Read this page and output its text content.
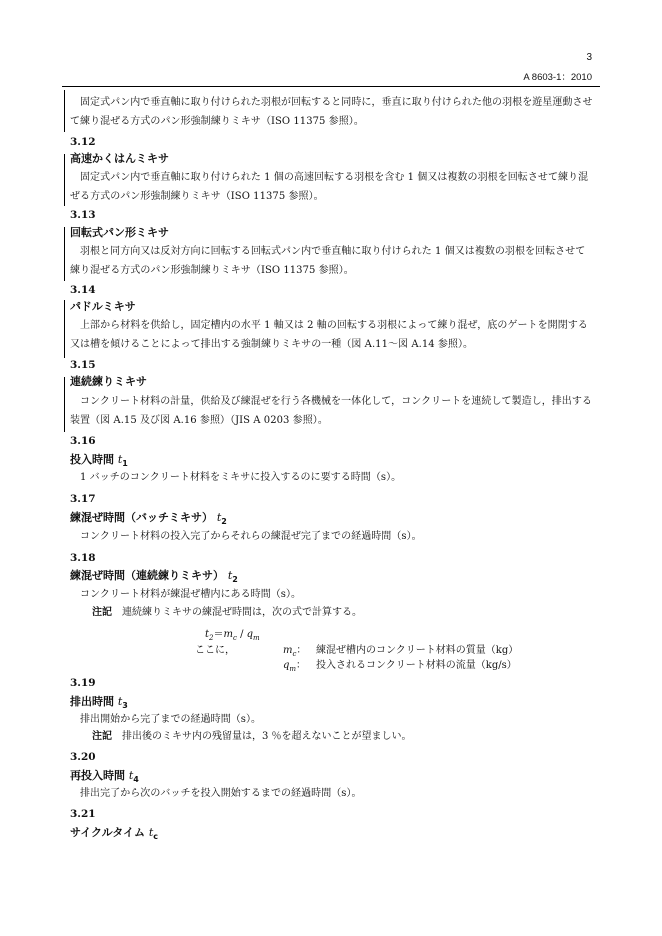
3
A 8603-1：2010
固定式パン内で垂直軸に取り付けられた羽根が回転すると同時に，垂直に取り付けられた他の羽根を遊星運動させて練り混ぜる方式のパン形強制練りミキサ（ISO 11375 参照）。
3.12
高速かくはんミキサ
固定式パン内で垂直軸に取り付けられた 1 個の高速回転する羽根を含む 1 個又は複数の羽根を回転させて練り混ぜる方式のパン形強制練りミキサ（ISO 11375 参照）。
3.13
回転式パン形ミキサ
羽根と同方向又は反対方向に回転する回転式パン内で垂直軸に取り付けられた 1 個又は複数の羽根を回転させて練り混ぜる方式のパン形強制練りミキサ（ISO 11375 参照）。
3.14
パドルミキサ
上部から材料を供給し，固定槽内の水平 1 軸又は 2 軸の回転する羽根によって練り混ぜ，底のゲートを開閉する又は槽を傾けることによって排出する強制練りミキサの一種（図 A.11～図 A.14 参照）。
3.15
連続練りミキサ
コンクリート材料の計量，供給及び練混ぜを行う各機械を一体化して，コンクリートを連続して製造し，排出する装置（図 A.15 及び図 A.16 参照）（JIS A 0203 参照）。
3.16
投入時間 $t_1$
1 バッチのコンクリート材料をミキサに投入するのに要する時間（s）。
3.17
練混ぜ時間（バッチミキサ） $t_2$
コンクリート材料の投入完了からそれらの練混ぜ完了までの経過時間（s）。
3.18
練混ぜ時間（連続練りミキサ） $t_2$
コンクリート材料が練混ぜ槽内にある時間（s）。
注記 連続練りミキサの練混ぜ時間は，次の式で計算する。
$t_2=m_c / q_m$
ここに，	$m_c$： 練混ぜ槽内のコンクリート材料の質量（kg）
$q_m$： 投入されるコンクリート材料の流量（kg/s）
3.19
排出時間 $t_3$
排出開始から完了までの経過時間（s）。
注記 排出後のミキサ内の残留量は，3 ％を超えないことが望ましい。
3.20
再投入時間 $t_4$
排出完了から次のバッチを投入開始するまでの経過時間（s）。
3.21
サイクルタイム $t_c$
